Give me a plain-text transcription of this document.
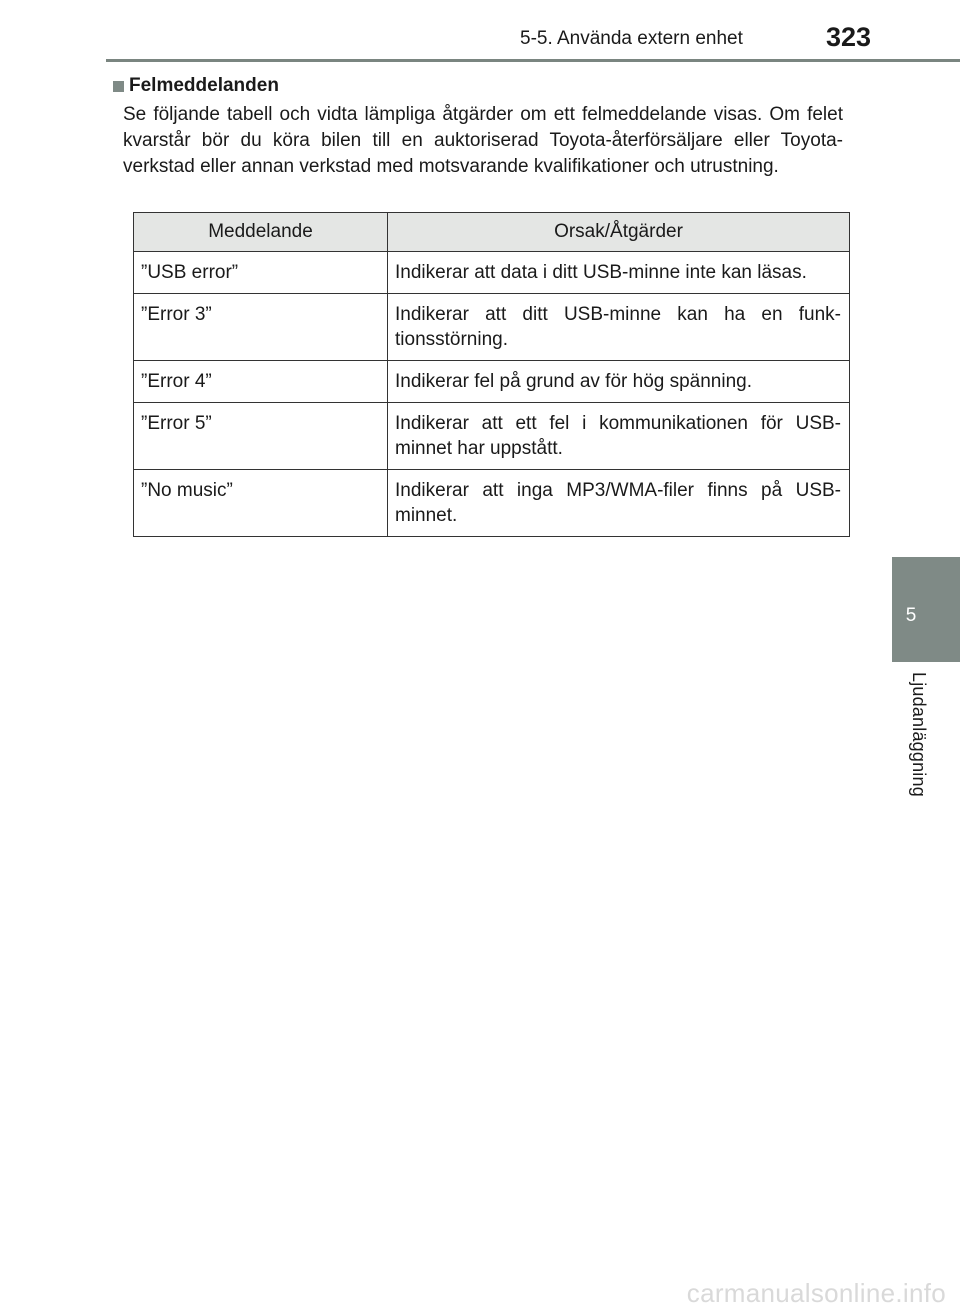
5-5. Använda extern enhet	323
5
Ljudanläggning
Felmeddelanden
Se följande tabell och vidta lämpliga åtgärder om ett felmeddelande visas. Om felet kvarstår bör du köra bilen till en auktoriserad Toyota-återförsäljare eller Toyota-verkstad eller annan verkstad med motsvarande kvalifikationer och utrustning.
Meddelande	Orsak/Åtgärder
”USB error”	Indikerar att data i ditt USB-minne inte kan läsas.
”Error 3”	Indikerar att ditt USB-minne kan ha en funk-tionsstörning.
”Error 4”	Indikerar fel på grund av för hög spänning.
”Error 5”	Indikerar att ett fel i kommunikationen för USB-minnet har uppstått.
”No music”	Indikerar att inga MP3/WMA-filer finns på USB-minnet.
carmanualsonline.info
